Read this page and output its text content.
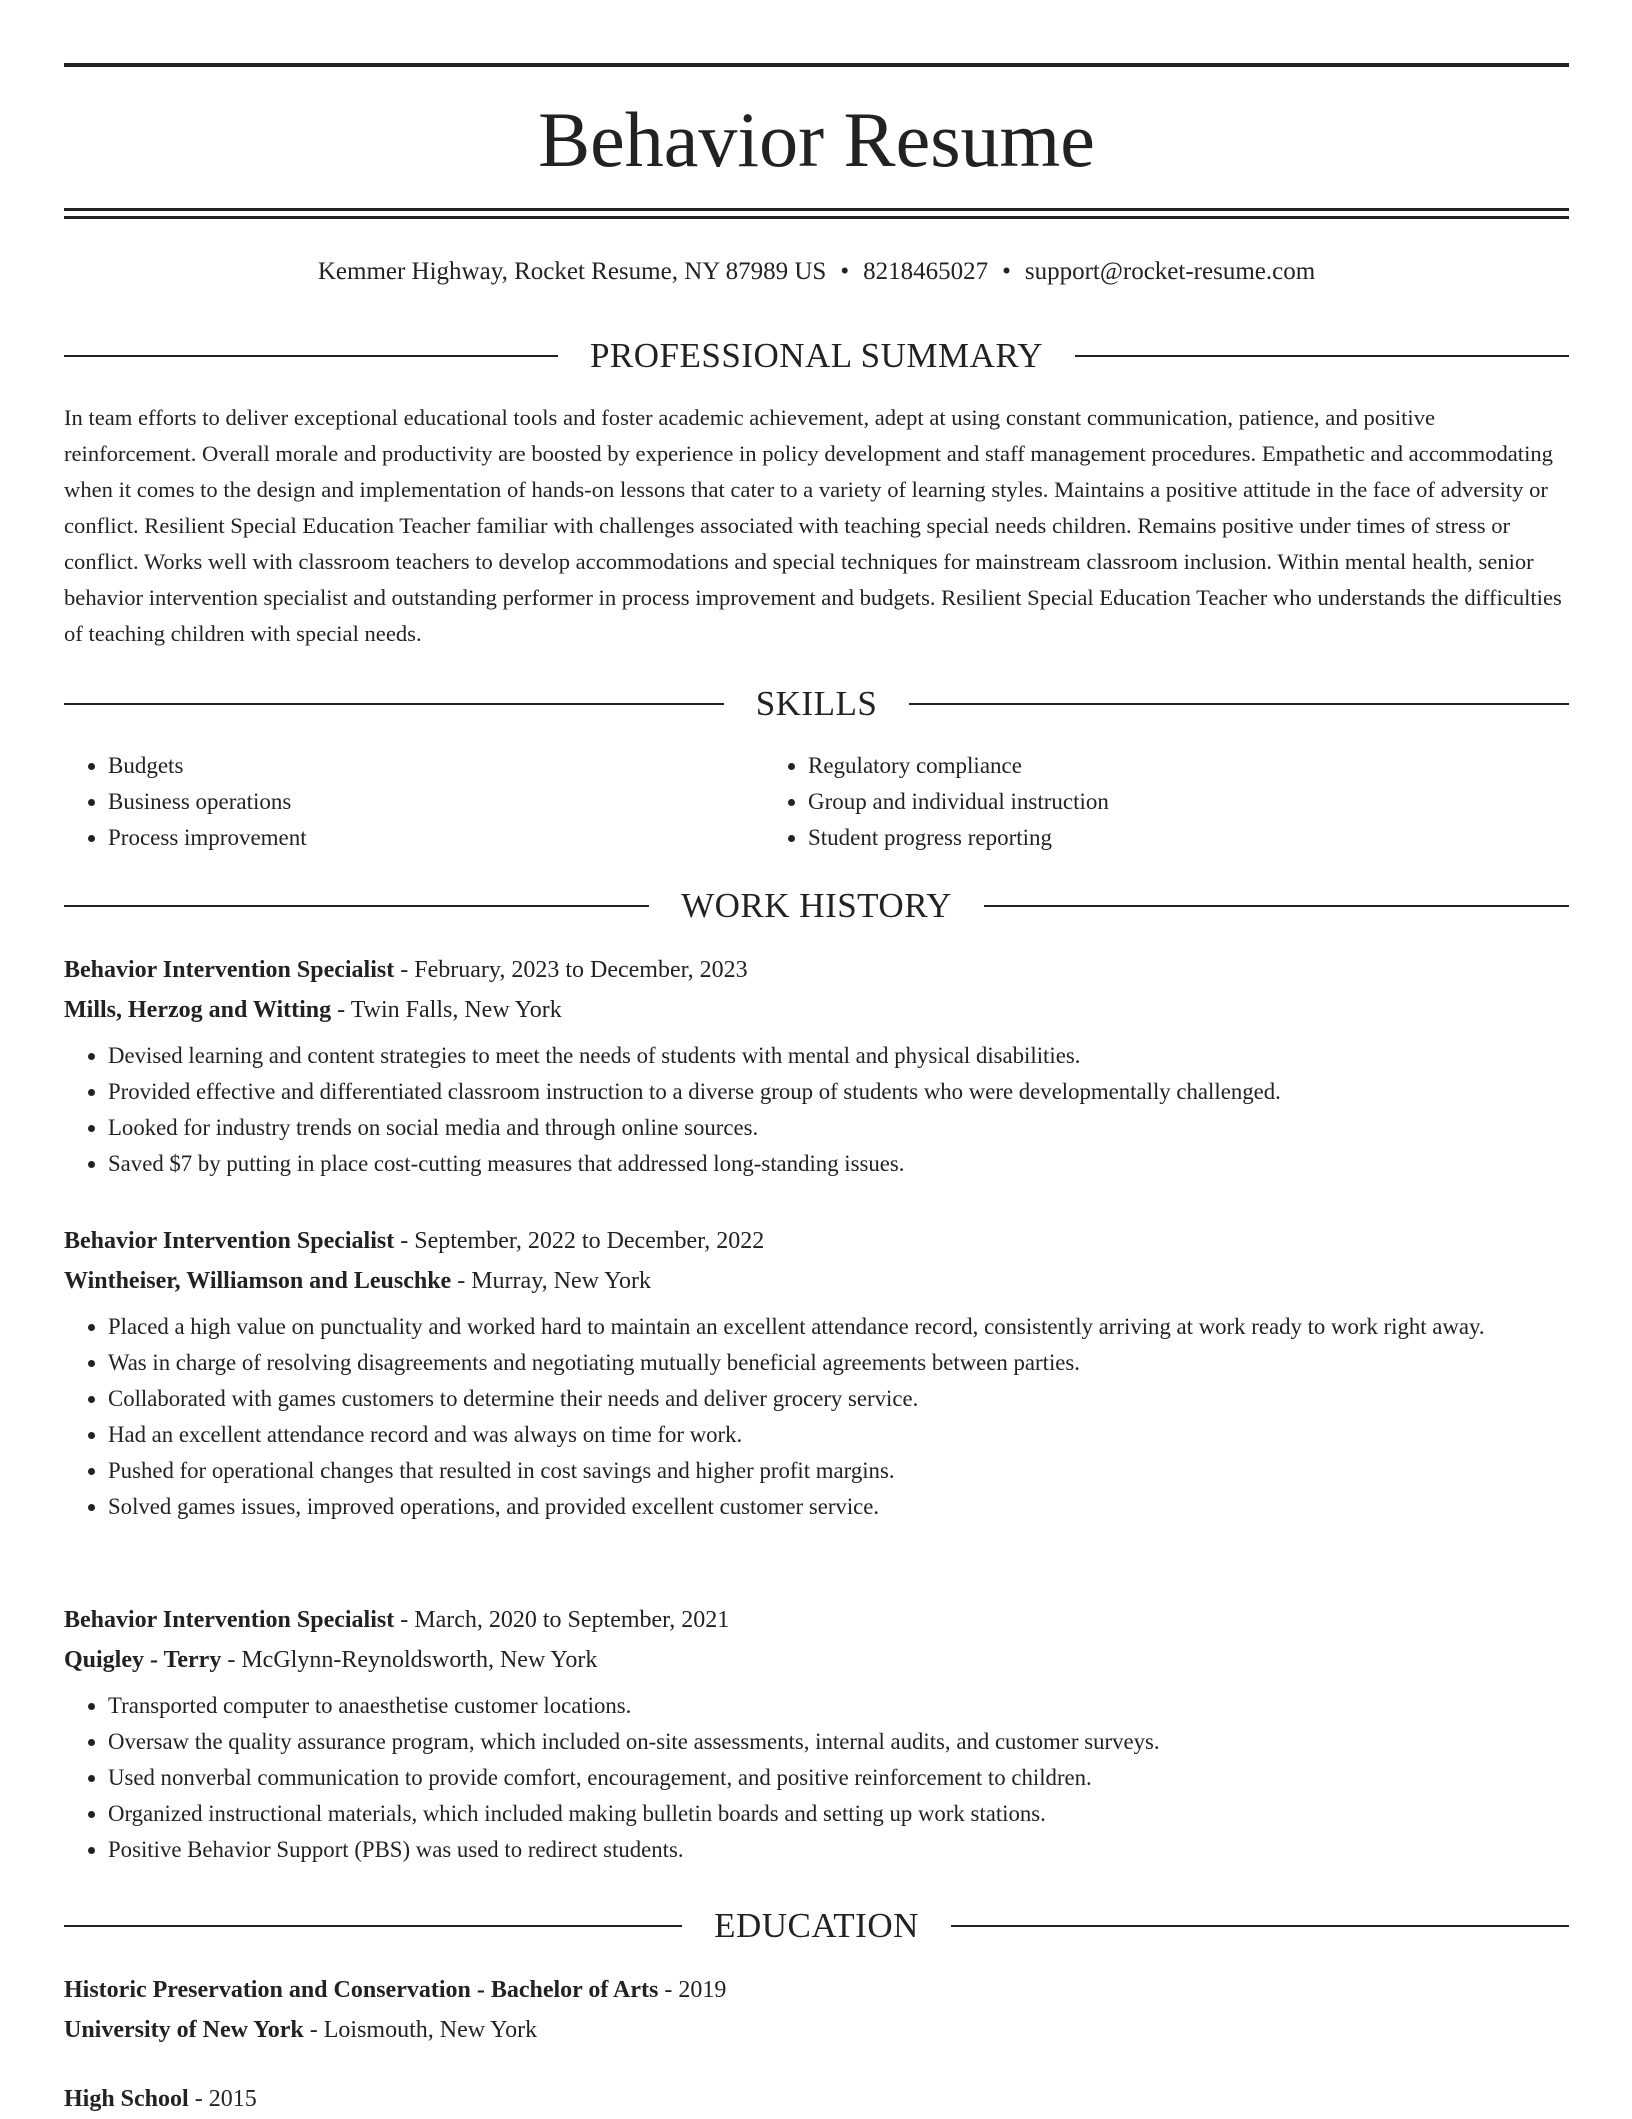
Behavior Resume
Kemmer Highway, Rocket Resume, NY 87989 US • 8218465027 • support@rocket-resume.com
PROFESSIONAL SUMMARY

In team efforts to deliver exceptional educational tools and foster academic achievement, adept at using constant communication, patience, and positive reinforcement. Overall morale and productivity are boosted by experience in policy development and staff management procedures. Empathetic and accommodating when it comes to the design and implementation of hands-on lessons that cater to a variety of learning styles. Maintains a positive attitude in the face of adversity or conflict. Resilient Special Education Teacher familiar with challenges associated with teaching special needs children. Remains positive under times of stress or conflict. Works well with classroom teachers to develop accommodations and special techniques for mainstream classroom inclusion. Within mental health, senior behavior intervention specialist and outstanding performer in process improvement and budgets. Resilient Special Education Teacher who understands the difficulties of teaching children with special needs.

SKILLS
• Budgets
• Business operations
• Process improvement
• Regulatory compliance
• Group and individual instruction
• Student progress reporting
WORK HISTORY
Behavior Intervention Specialist - February, 2023 to December, 2023
Mills, Herzog and Witting - Twin Falls, New York
• Devised learning and content strategies to meet the needs of students with mental and physical disabilities.
• Provided effective and differentiated classroom instruction to a diverse group of students who were developmentally challenged.
• Looked for industry trends on social media and through online sources.
• Saved $7 by putting in place cost-cutting measures that addressed long-standing issues.
Behavior Intervention Specialist - September, 2022 to December, 2022
Wintheiser, Williamson and Leuschke - Murray, New York
• Placed a high value on punctuality and worked hard to maintain an excellent attendance record, consistently arriving at work ready to work right away.
• Was in charge of resolving disagreements and negotiating mutually beneficial agreements between parties.
• Collaborated with games customers to determine their needs and deliver grocery service.
• Had an excellent attendance record and was always on time for work.
• Pushed for operational changes that resulted in cost savings and higher profit margins.
• Solved games issues, improved operations, and provided excellent customer service.
Behavior Intervention Specialist - March, 2020 to September, 2021
Quigley - Terry - McGlynn-Reynoldsworth, New York
• Transported computer to anaesthetise customer locations.
• Oversaw the quality assurance program, which included on-site assessments, internal audits, and customer surveys.
• Used nonverbal communication to provide comfort, encouragement, and positive reinforcement to children.
• Organized instructional materials, which included making bulletin boards and setting up work stations.
• Positive Behavior Support (PBS) was used to redirect students.
EDUCATION
Historic Preservation and Conservation - Bachelor of Arts - 2019
University of New York - Loismouth, New York
High School - 2015
